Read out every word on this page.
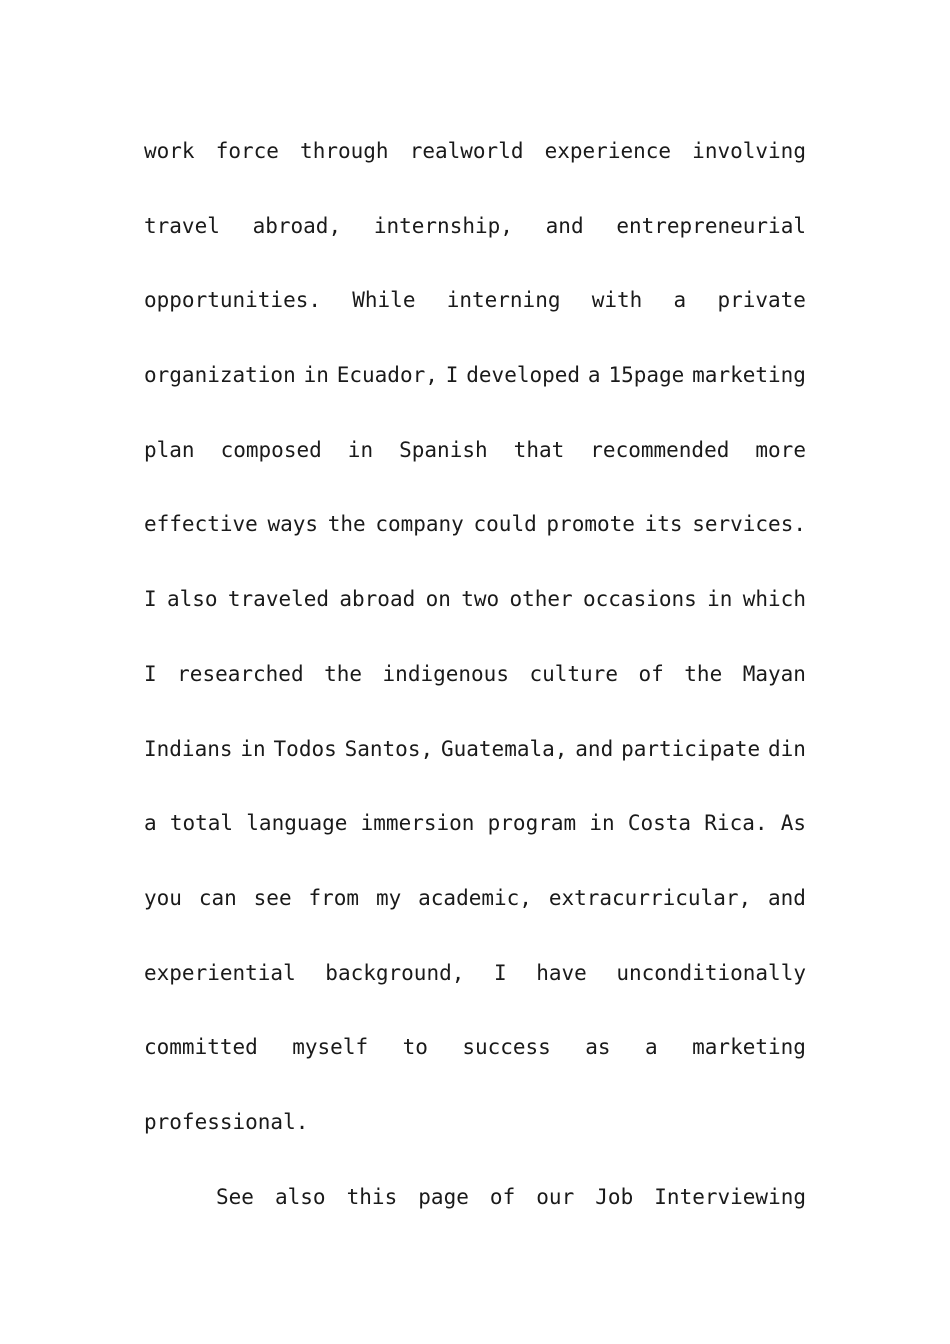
work force through realworld experience involving
travel abroad, internship, and entrepreneurial
opportunities. While interning with a private
organization in Ecuador, I developed a 15page marketing
plan composed in Spanish that recommended more
effective ways the company could promote its services.
I also traveled abroad on two other occasions in which
I researched the indigenous culture of the Mayan
Indians in Todos Santos, Guatemala, and participate din
a total language immersion program in Costa Rica. As
you can see from my academic, extracurricular, and
experiential background, I have unconditionally
committed myself to success as a marketing
professional.
See also this page of our Job Interviewing
